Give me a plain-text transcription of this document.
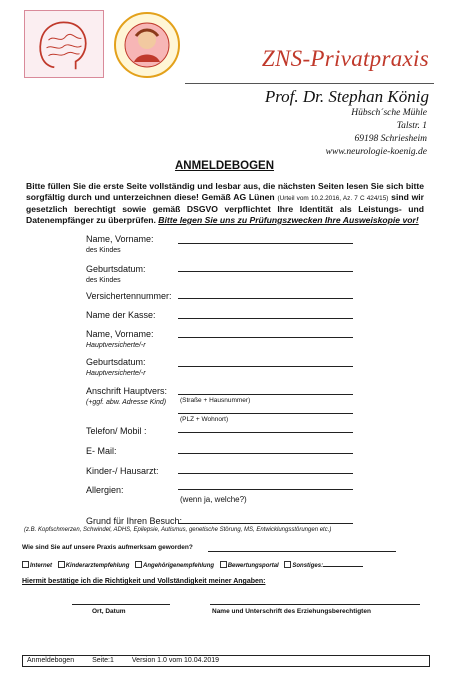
ZNS-Privatpraxis
Prof. Dr. Stephan König
Hübsch´sche Mühle
Talstr. 1
69198 Schriesheim
www.neurologie-koenig.de
ANMELDEBOGEN
Bitte füllen Sie die erste Seite vollständig und lesbar aus, die nächsten Seiten lesen Sie sich bitte sorgfältig durch und unterzeichnen diese! Gemäß AG Lünen (Urteil vom 10.2.2016, Az. 7 C 424/15) sind wir gesetzlich berechtigt sowie gemäß DSGVO verpflichtet Ihre Identität als Leistungs- und Datenempfänger zu überprüfen. Bitte legen Sie uns zu Prüfungszwecken Ihre Ausweiskopie vor!
Name, Vorname:
des Kindes
Geburtsdatum:
des Kindes
Versichertennummer:
Name der Kasse:
Name, Vorname:
Hauptversicherte/-r
Geburtsdatum:
Hauptversicherte/-r
Anschrift Hauptvers:
(+ggf. abw. Adresse Kind) (Straße + Hausnummer)
(PLZ + Wohnort)
Telefon/ Mobil :
E- Mail:
Kinder-/ Hausarzt:
Allergien:
(wenn ja, welche?)
Grund für Ihren Besuch:
(z.B. Kopfschmerzen, Schwindel, ADHS, Epilepsie, Autismus, genetische Störung, MS, Entwicklungsstörungen etc.)
Wie sind Sie auf unsere Praxis aufmerksam geworden?
Internet Kinderarztempfehlung Angehörigenempfehlung Bewertungsportal Sonstiges:
Hiermit bestätige ich die Richtigkeit und Vollständigkeit meiner Angaben:
Ort, Datum	Name und Unterschrift des Erziehungsberechtigten
Anmeldebogen	Seite:1	Version 1.0 vom 10.04.2019
